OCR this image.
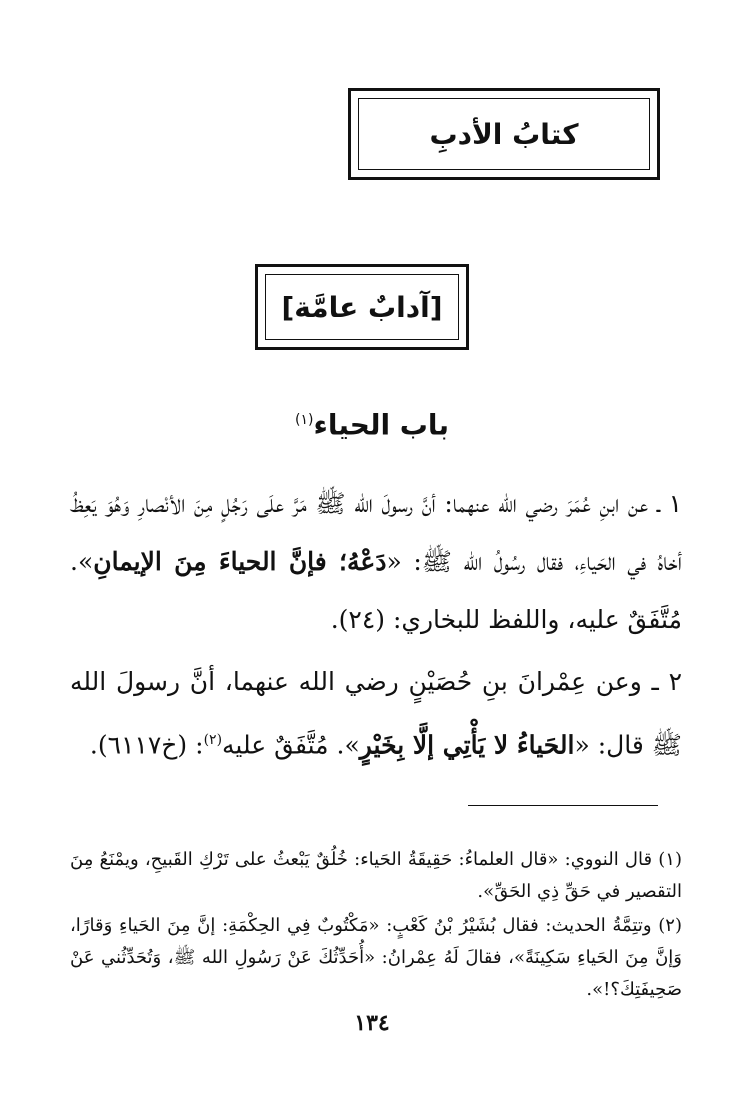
كتابُ الأدبِ
[آدابٌ عامَّة]
باب الحياء$^{(١)}$

١ ـ عن ابنِ عُمَرَ رضي الله عنهما: أنَّ رسولَ الله ﷺ مَرَّ علَى رَجُلٍ مِنَ الأنْصارِ وَهُوَ يَعِظُ أخاهُ في الحَياءِ، فقال رسُولُ الله ﷺ: «دَعْهُ؛ فإنَّ الحياءَ مِنَ الإيمانِ». مُتَّفَقٌ عليه، واللفظ للبخاري: (٢٤).

٢ ـ وعن عِمْرانَ بنِ حُصَيْنٍ رضي الله عنهما، أنَّ رسولَ الله ﷺ قال: «الحَياءُ لا يَأْتِي إلَّا بِخَيْرٍ». مُتَّفَقٌ عليه$^{(٢)}$: (خ٦١١٧).

(١) قال النووي: «قال العلماءُ: حَقِيقَةُ الحَياء: خُلُقٌ يَبْعثُ على تَرْكِ القَبيحِ، ويمْنَعُ مِنَ التقصير في حَقِّ ذِي الحَقِّ».

(٢) وتتِمَّةُ الحديث: فقال بُشَيْرُ بْنُ كَعْبٍ: «مَكْتُوبٌ فِي الحِكْمَةِ: إنَّ مِنَ الحَياءِ وَقارًا، وَإنَّ مِنَ الحَياءِ سَكِينَةً»، فقالَ لَهُ عِمْرانُ: «أُحَدِّثُكَ عَنْ رَسُولِ الله ﷺ، وَتُحَدِّثُني عَنْ صَحِيفَتِكَ؟!».

١٣٤
